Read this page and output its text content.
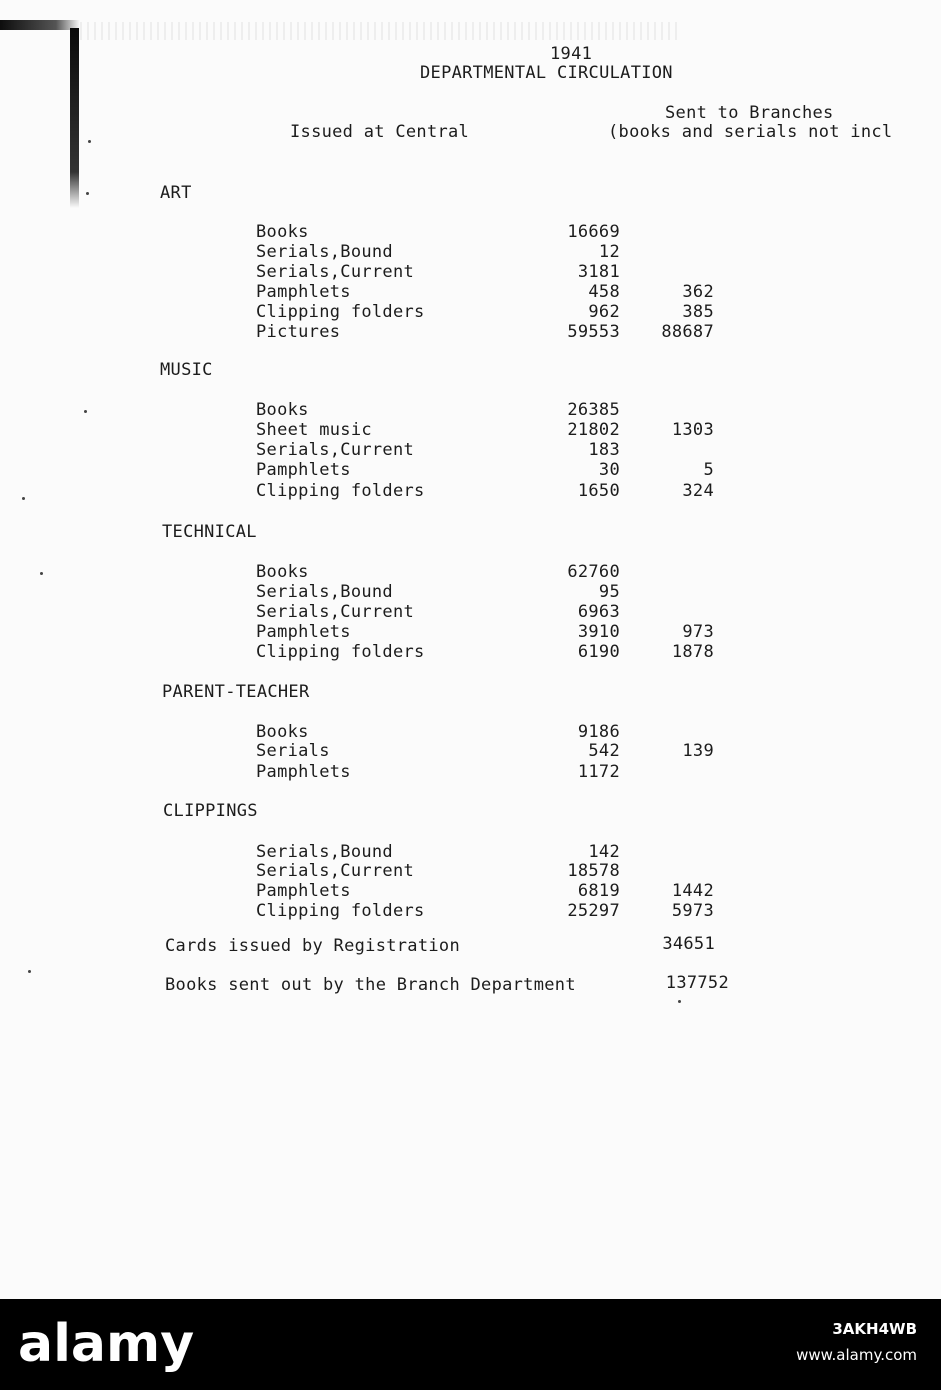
1941
DEPARTMENTAL CIRCULATION
Sent to Branches
Issued at Central	(books and serials not incl
ART
Books	16669
Serials,Bound	12
Serials,Current	3181
Pamphlets	458	362
Clipping folders	962	385
Pictures	59553	88687
MUSIC
Books	26385
Sheet music	21802	1303
Serials,Current	183
Pamphlets	30	5
Clipping folders	1650	324
TECHNICAL
Books	62760
Serials,Bound	95
Serials,Current	6963
Pamphlets	3910	973
Clipping folders	6190	1878
PARENT-TEACHER
Books	9186
Serials	542	139
Pamphlets	1172
CLIPPINGS
Serials,Bound	142
Serials,Current	18578
Pamphlets	6819	1442
Clipping folders	25297	5973
Cards issued by Registration	34651
Books sent out by the Branch Department	137752
alamy	3AKH4WB
www.alamy.com
